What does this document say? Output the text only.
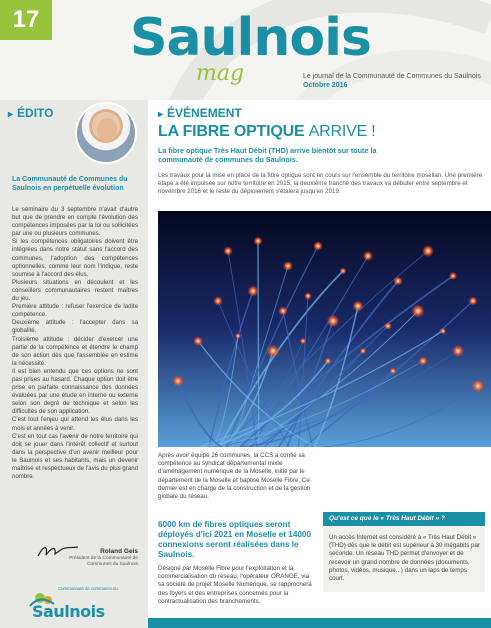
17 Saulnois
mag	Le journal de la Communauté de Communes du Saulnois
Octobre 2016
▸ ÉDITO
La Communauté de Communes du Saulnois en perpétuelle évolution

Le séminaire du 3 septembre n'avait d'autre but que de prendre en compte l'évolution des compétences imposées par la loi ou sollicitées par une ou plusieurs communes.

Si les compétences obligatoires doivent être intégrées dans notre statut sans l'accord des communes, l'adoption des compétences optionnelles, comme leur nom l'indique, reste soumise à l'accord des élus.

Plusieurs situations en découlent et les conseillers communautaires restent maîtres du jeu.

Première attitude : refuser l'exercice de ladite compétence.

Deuxième attitude : l'accepter dans sa globalité.

Troisième attitude : décider d'exercer une partie de la compétence et étendre le champ de son action dès que l'assemblée en estime la nécessité.

Il est bien entendu que ces options ne sont pas prises au hasard. Chaque option doit être prise en parfaite connaissance des données évaluées par une étude en interne ou externe selon son degré de technique et selon les difficultés de son application.

C'est tout l'enjeu qui attend les élus dans les mois et années à venir.

C'est en tout cas l'avenir de notre territoire qui doit se jouer dans l'intérêt collectif et surtout dans la perspective d'un avenir meilleur pour le Saulnois et ses habitants, mais un devenir maîtrisé et respectueux de l'avis du plus grand nombre.

Roland Geis
Président de la Communauté de Communes du Saulnois
Communauté de communes du
Saulnois
▸ ÉVÉNEMENT
LA FIBRE OPTIQUE ARRIVE !
La fibre optique Très Haut Débit (THD) arrive bientôt sur toute la communauté de communes du Saulnois.
Les travaux pour la mise en place de la fibre optique sont en cours sur l'ensemble du territoire mosellan. Une première étape a été impulsée sur notre territoire en 2015, la deuxième tranche des travaux va débuter entre septembre et novembre 2016 et le reste du déploiement s'étalera jusqu'en 2019.
Après avoir équipé 26 communes, la CCS a confié sa compétence au syndicat départemental mixte d'aménagement numérique de la Moselle, initié par le département de la Moselle et baptisé Moselle Fibre. Ce dernier est en charge de la construction et de la gestion globale du réseau.
6000 km de fibres optiques seront déployés d'ici 2021 en Moselle et 14000 connexions seront réalisées dans le Saulnois.
Désigné par Moselle Fibre pour l'exploitation et la commercialisation du réseau, l'opérateur ORANGE, via sa société de projet Moselle Numérique, se rapprochera des foyers et des entreprises concernés pour la contractualisation des branchements.
Qu'est ce que le « Très Haut Débit » ?
Un accès Internet est considéré à « Très Haut Débit » (THD) dès que le débit est supérieur à 30 mégabits par seconde. Un réseau THD permet d'envoyer et de recevoir un grand nombre de données (documents, photos, vidéos, musique...) dans un laps de temps court.
